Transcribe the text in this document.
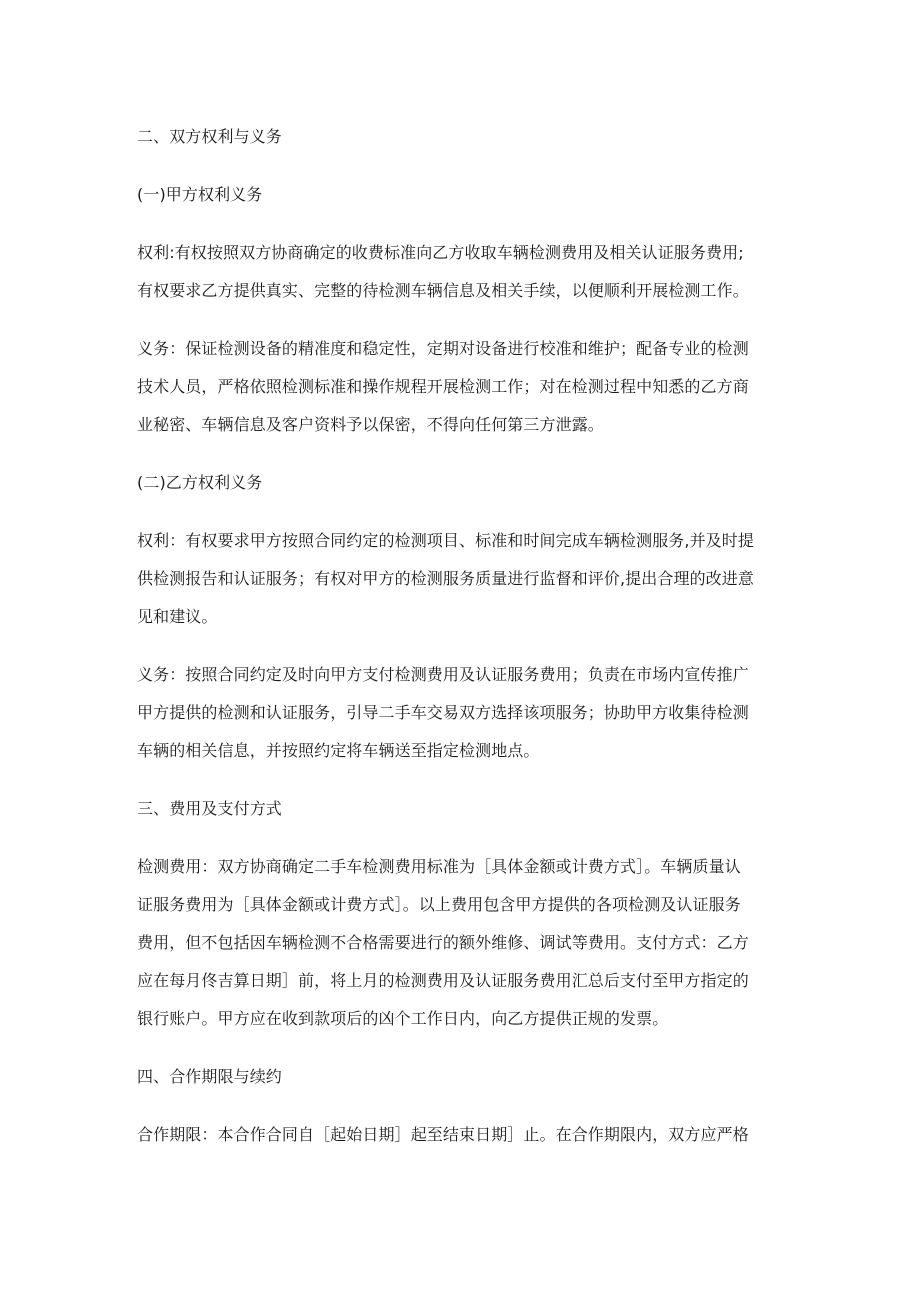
二、双方权利与义务
(一)甲方权利义务
权利:有权按照双方协商确定的收费标准向乙方收取车辆检测费用及相关认证服务费用;
有权要求乙方提供真实、完整的待检测车辆信息及相关手续，以便顺利开展检测工作。
义务：保证检测设备的精准度和稳定性，定期对设备进行校准和维护；配备专业的检测
技术人员，严格依照检测标准和操作规程开展检测工作；对在检测过程中知悉的乙方商
业秘密、车辆信息及客户资料予以保密，不得向任何第三方泄露。
(二)乙方权利义务
权利：有权要求甲方按照合同约定的检测项目、标准和时间完成车辆检测服务,并及时提
供检测报告和认证服务；有权对甲方的检测服务质量进行监督和评价,提出合理的改进意
见和建议。
义务：按照合同约定及时向甲方支付检测费用及认证服务费用；负责在市场内宣传推广
甲方提供的检测和认证服务，引导二手车交易双方选择该项服务；协助甲方收集待检测
车辆的相关信息，并按照约定将车辆送至指定检测地点。
三、费用及支付方式
检测费用：双方协商确定二手车检测费用标准为［具体金额或计费方式］。车辆质量认
证服务费用为［具体金额或计费方式］。以上费用包含甲方提供的各项检测及认证服务
费用，但不包括因车辆检测不合格需要进行的额外维修、调试等费用。支付方式：乙方
应在每月佟吉算日期］前，将上月的检测费用及认证服务费用汇总后支付至甲方指定的
银行账户。甲方应在收到款项后的凶个工作日内，向乙方提供正规的发票。
四、合作期限与续约
合作期限：本合作合同自［起始日期］起至结束日期］止。在合作期限内，双方应严格
